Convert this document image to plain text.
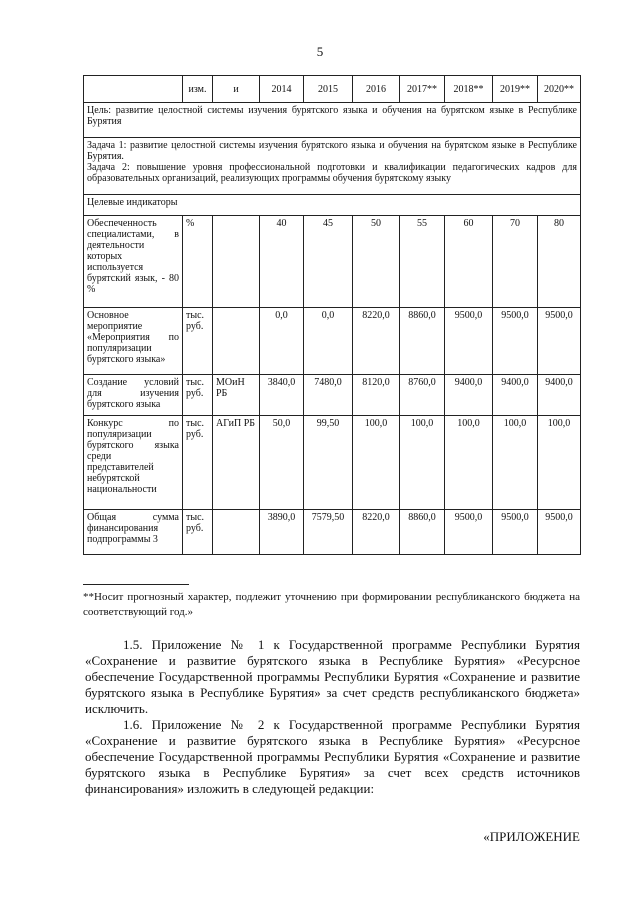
5
	изм.	и	2014	2015	2016	2017**	2018**	2019**	2020**
Цель: развитие целостной системы изучения бурятского языка и обучения на бурятском языке в Республике Бурятия									

Задача 1: развитие целостной системы изучения бурятского языка и обучения на бурятском языке в Республике Бурятия.
Задача 2: повышение уровня профессиональной подготовки и квалификации педагогических кадров для образовательных организаций, реализующих программы обучения бурятскому языку									

Целевые индикаторы									
Обеспеченность специалистами, в деятельности которых используется бурятский язык, - 80 %	%		40	45	50	55	60	70	80
Основное мероприятие «Мероприятия по популяризации бурятского языка»	тыс. руб.		0,0	0,0	8220,0	8860,0	9500,0	9500,0	9500,0
Создание условий для изучения бурятского языка	тыс. руб.	МОиН РБ	3840,0	7480,0	8120,0	8760,0	9400,0	9400,0	9400,0
Конкурс по популяризации бурятского языка среди представителей небурятской национальности	тыс. руб.	АГиП РБ	50,0	99,50	100,0	100,0	100,0	100,0	100,0
Общая сумма финансирования подпрограммы 3	тыс. руб.		3890,0	7579,50	8220,0	8860,0	9500,0	9500,0	9500,0
**Носит прогнозный характер, подлежит уточнению при формировании республиканского бюджета на соответствующий год.»
1.5. Приложение № 1 к Государственной программе Республики Бурятия «Сохранение и развитие бурятского языка в Республике Бурятия» «Ресурсное обеспечение Государственной программы Республики Бурятия «Сохранение и развитие бурятского языка в Республике Бурятия» за счет средств республиканского бюджета» исключить.
1.6. Приложение № 2 к Государственной программе Республики Бурятия «Сохранение и развитие бурятского языка в Республике Бурятия» «Ресурсное обеспечение Государственной программы Республики Бурятия «Сохранение и развитие бурятского языка в Республике Бурятия» за счет всех средств источников финансирования» изложить в следующей редакции:
«ПРИЛОЖЕНИЕ
